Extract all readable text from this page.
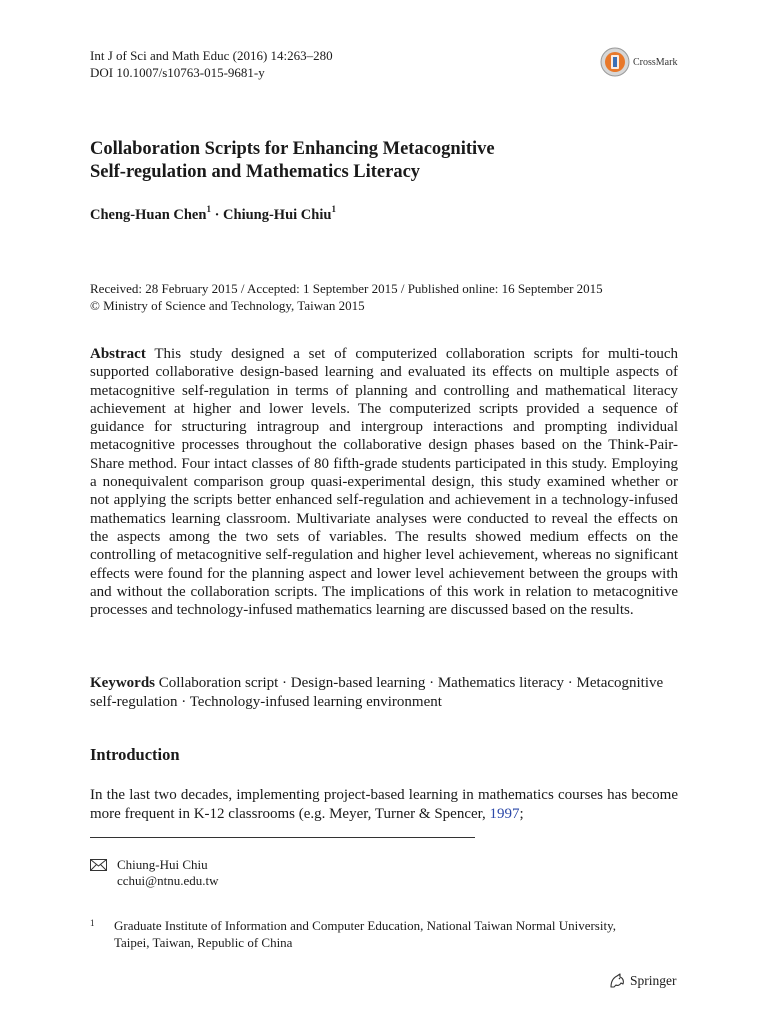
Int J of Sci and Math Educ (2016) 14:263–280
DOI 10.1007/s10763-015-9681-y
CrossMark
Collaboration Scripts for Enhancing Metacognitive
Self-regulation and Mathematics Literacy
Cheng-Huan Chen$^1$ · Chiung-Hui Chiu$^1$
Received: 28 February 2015 / Accepted: 1 September 2015 / Published online: 16 September 2015
© Ministry of Science and Technology, Taiwan 2015
Abstract This study designed a set of computerized collaboration scripts for multi-touch supported collaborative design-based learning and evaluated its effects on multiple aspects of metacognitive self-regulation in terms of planning and controlling and mathematical literacy achievement at higher and lower levels. The computerized scripts provided a sequence of guidance for structuring intragroup and intergroup interactions and prompting individual metacognitive processes throughout the collaborative design phases based on the Think-Pair-Share method. Four intact classes of 80 fifth-grade students participated in this study. Employing a nonequivalent comparison group quasi-experimental design, this study examined whether or not applying the scripts better enhanced self-regulation and achievement in a technology-infused mathematics learning classroom. Multivariate analyses were conducted to reveal the effects on the aspects among the two sets of variables. The results showed medium effects on the controlling of metacognitive self-regulation and higher level achievement, whereas no significant effects were found for the planning aspect and lower level achievement between the groups with and without the collaboration scripts. The implications of this work in relation to metacognitive processes and technology-infused mathematics learning are discussed based on the results.
Keywords Collaboration script · Design-based learning · Mathematics literacy · Metacognitive self-regulation · Technology-infused learning environment
Introduction
In the last two decades, implementing project-based learning in mathematics courses has become more frequent in K-12 classrooms (e.g. Meyer, Turner & Spencer, 1997;
Chiung-Hui Chiu
cchui@ntnu.edu.tw
1	Graduate Institute of Information and Computer Education, National Taiwan Normal University,
Taipei, Taiwan, Republic of China
Springer
